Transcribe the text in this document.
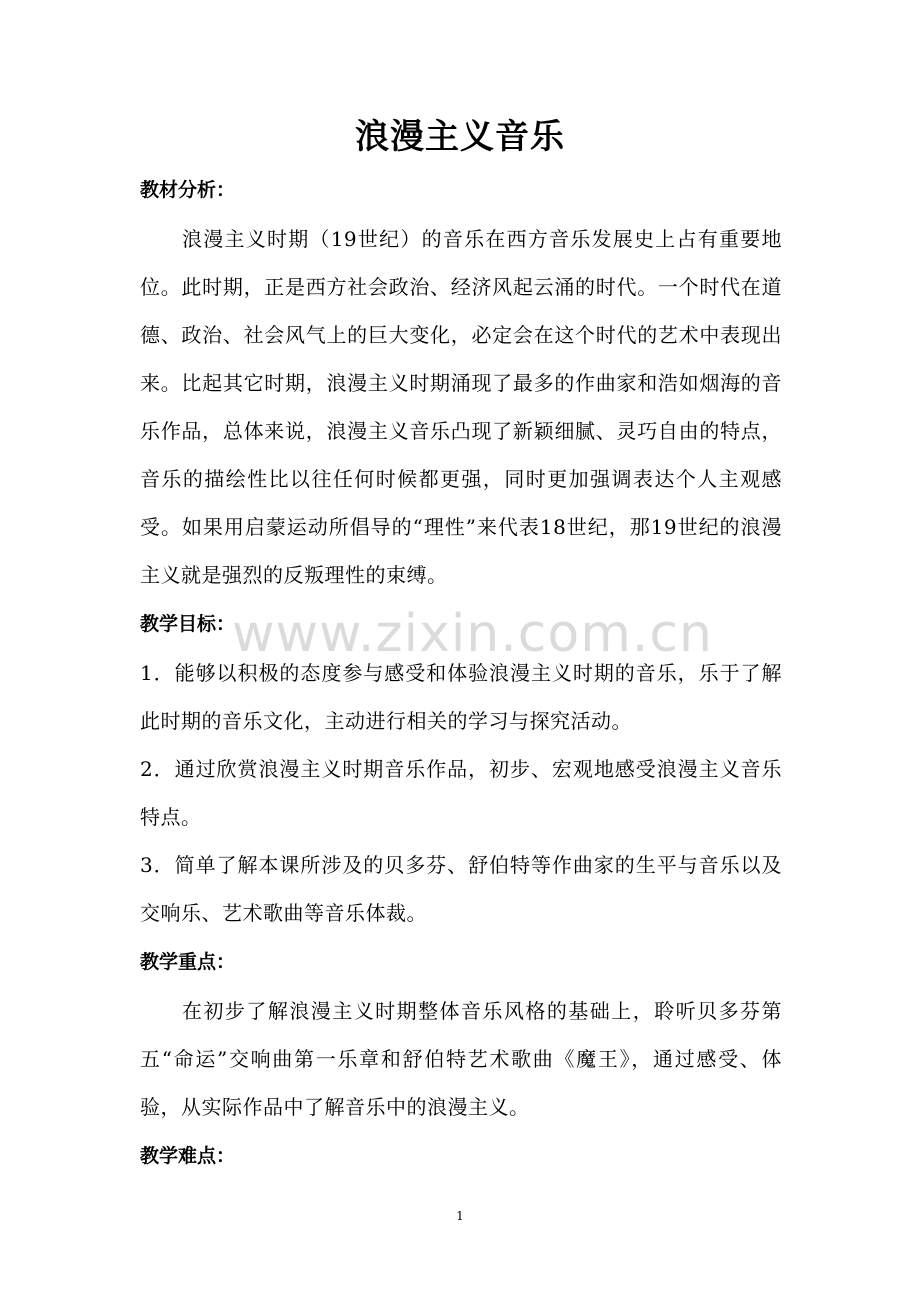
浪漫主义音乐
教材分析：

浪漫主义时期（19世纪）的音乐在西方音乐发展史上占有重要地位。此时期，正是西方社会政治、经济风起云涌的时代。一个时代在道德、政治、社会风气上的巨大变化，必定会在这个时代的艺术中表现出来。比起其它时期，浪漫主义时期涌现了最多的作曲家和浩如烟海的音乐作品，总体来说，浪漫主义音乐凸现了新颖细腻、灵巧自由的特点，音乐的描绘性比以往任何时候都更强，同时更加强调表达个人主观感受。如果用启蒙运动所倡导的“理性”来代表18世纪，那19世纪的浪漫主义就是强烈的反叛理性的束缚。

教学目标：

1．能够以积极的态度参与感受和体验浪漫主义时期的音乐，乐于了解此时期的音乐文化，主动进行相关的学习与探究活动。

2．通过欣赏浪漫主义时期音乐作品，初步、宏观地感受浪漫主义音乐特点。

3．简单了解本课所涉及的贝多芬、舒伯特等作曲家的生平与音乐以及交响乐、艺术歌曲等音乐体裁。

教学重点：

在初步了解浪漫主义时期整体音乐风格的基础上，聆听贝多芬第五“命运”交响曲第一乐章和舒伯特艺术歌曲《魔王》，通过感受、体验，从实际作品中了解音乐中的浪漫主义。

教学难点：
www.zixin.com.cn
1
